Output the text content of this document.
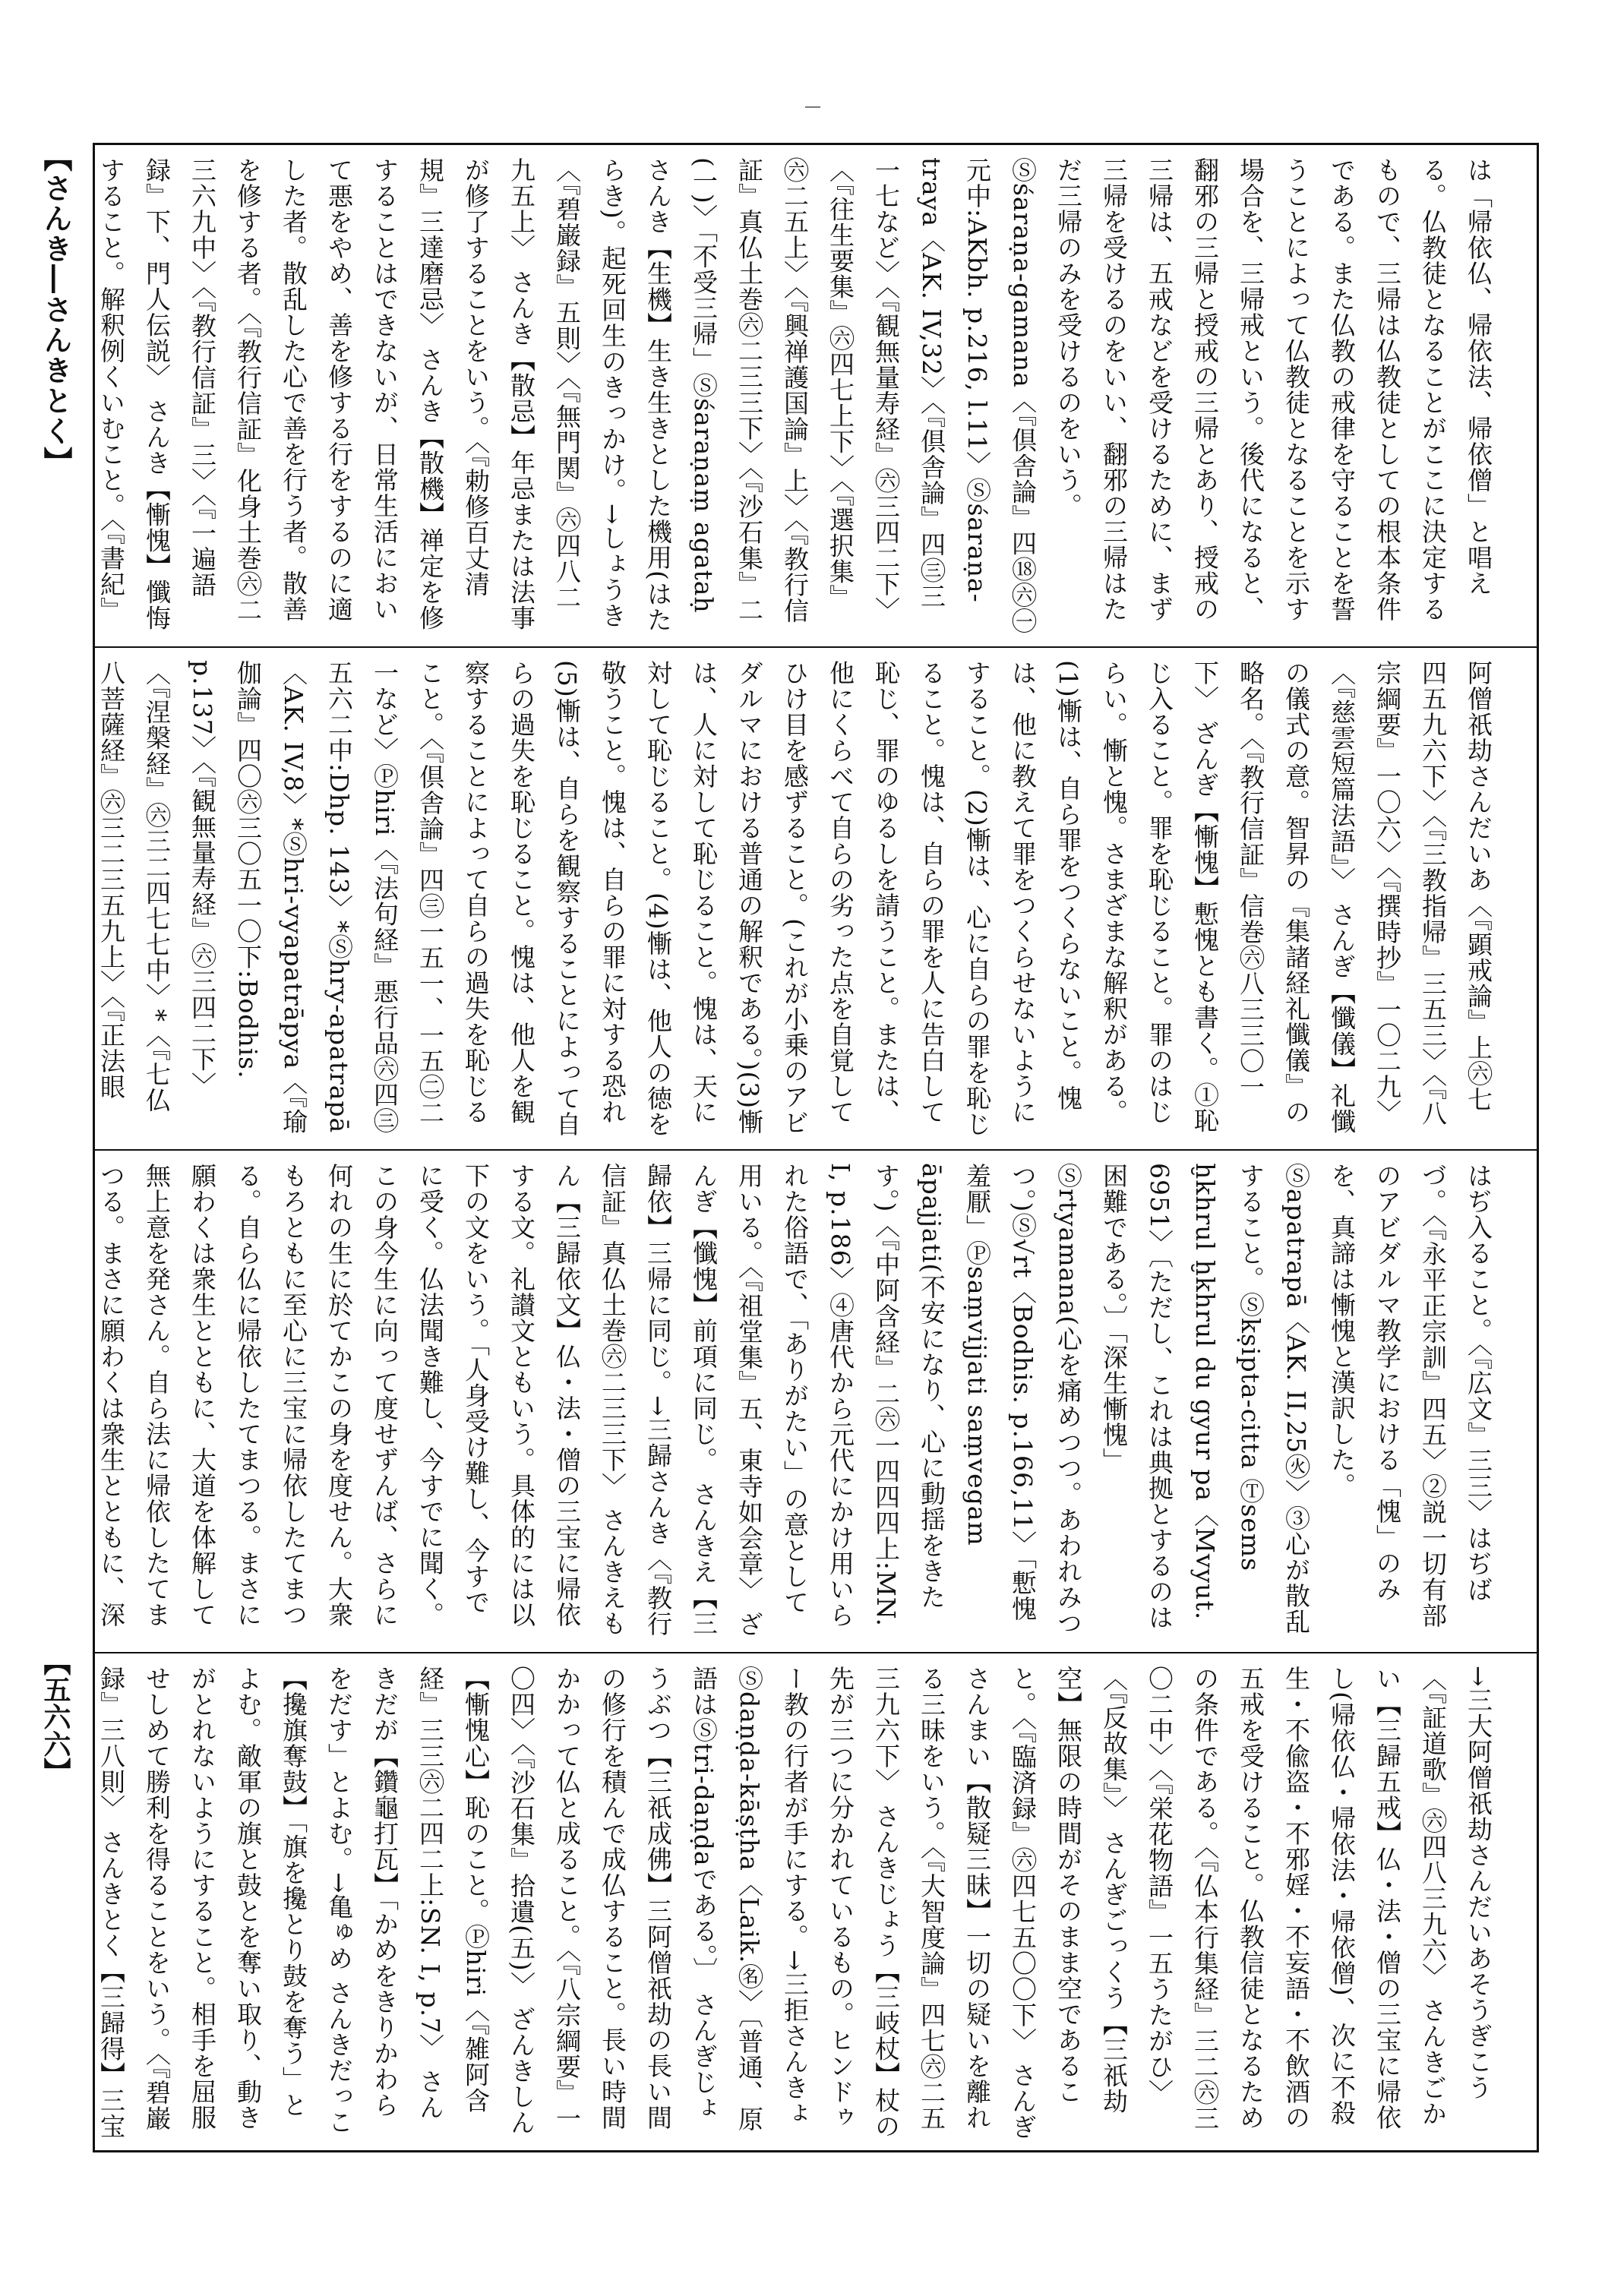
【さんき―さんきとく】
【五六六】

は「帰依仏、帰依法、帰依僧」と唱える。仏教徒となることがここに決定するもので、三帰は仏教徒としての根本条件である。また仏教の戒律を守ることを誓うことによって仏教徒となることを示す場合を、三帰戒という。後代になると、翻邪の三帰と授戒の三帰とあり、授戒の三帰は、五戒などを受けるために、まず三帰を受けるのをいい、翻邪の三帰はただ三帰のみを受けるのをいう。Ⓢśaraṇa-gamana〈『倶舎論』四⑱㊅㊀元中:AKbh. p.216, l.11〉Ⓢśaraṇa-traya〈AK. IV,32〉〈『倶舎論』四㊂三一七など〉〈『観無量寿経』㊅三四二下〉〈『往生要集』㊅四七上下〉〈『選択集』㊅二五上〉〈『興禅護国論』上〉〈『教行信証』真仏土巻㊅二三三下〉〈『沙石集』二(一)〉「不受三帰」Ⓢśaraṇaṃ agataḥ さんき【生機】生き生きとした機用(はたらき)。起死回生のきっかけ。→しょうき〈『碧巌録』五則〉〈『無門関』㊅四八二九五上〉 さんき【散忌】年忌または法事が修了することをいう。〈『勅修百丈清規』三達磨忌〉 さんき【散機】禅定を修することはできないが、日常生活において悪をやめ、善を修する行をするのに適した者。散乱した心で善を行う者。散善を修する者。〈『教行信証』化身土巻㊅二三六九中〉〈『教行信証』三〉〈『一遍語録』下、門人伝説〉 さんき【慚愧】懺悔すること。解釈例くいむこと。〈『書紀』

阿僧祇劫さんだいあ〈『顕戒論』上㊅七四五九六下〉〈『三教指帰』三五三〉〈『八宗綱要』一〇六〉〈『撰時抄』一〇二九〉〈『慈雲短篇法語』〉 さんぎ【懺儀】礼懺の儀式の意。智昇の『集諸経礼懺儀』の略名。〈『教行信証』信巻㊅八三三〇一下〉 ざんぎ【慚愧】慙愧とも書く。①恥じ入ること。罪を恥じること。罪のはじらい。慚と愧。さまざまな解釈がある。(1)慚は、自ら罪をつくらないこと。愧は、他に教えて罪をつくらせないようにすること。(2)慚は、心に自らの罪を恥じること。愧は、自らの罪を人に告白して恥じ、罪のゆるしを請うこと。または、他にくらべて自らの劣った点を自覚してひけ目を感ずること。(これが小乗のアビダルマにおける普通の解釈である。)(3)慚は、人に対して恥じること。愧は、天に対して恥じること。(4)慚は、他人の徳を敬うこと。愧は、自らの罪に対する恐れ(5)慚は、自らを観察することによって自らの過失を恥じること。愧は、他人を観察することによって自らの過失を恥じること。〈『倶舎論』四㊂一五一、一五㊁二一など〉Ⓟhiri〈『法句経』悪行品㊅四㊂五六二中:Dhp. 143〉*Ⓢhry-apatrapā〈AK. IV,8〉*Ⓢhri-vyapatrāpya〈『瑜伽論』四〇㊅三〇五一〇下:Bodhis. p.137〉〈『観無量寿経』㊅三四二下〉〈『涅槃経』㊅三二四七七中〉*〈『七仏八菩薩経』㊅三二三五九上〉〈『正法眼

はぢ入ること。〈『広文』三三〉はぢばづ。〈『永平正宗訓』四五〉②説一切有部のアビダルマ教学における「愧」のみを、真諦は慚愧と漢訳した。Ⓢapatrapā〈AK. II,25㊋〉③心が散乱すること。Ⓢkṣipta-citta Ⓣsems ḫkhrul ḫkhrul du gyur pa〈Mvyut. 6951〉〔ただし、これは典拠とするのは困難である。〕「深生慚愧」Ⓢrtyamana(心を痛めつつ。あわれみつつ。)Ⓢ√rt〈Bodhis. p.166,11〉「慙愧羞厭」Ⓟsaṃvijjati saṃvegam āpajjati(不安になり、心に動揺をきたす。)〈『中阿含経』二㊅一四四四上:MN. I, p.186〉④唐代から元代にかけ用いられた俗語で、「ありがたい」の意として用いる。〈『祖堂集』五、東寺如会章〉 ざんぎ【懺愧】前項に同じ。 さんきえ【三歸依】三帰に同じ。→三歸さんき〈『教行信証』真仏土巻㊅二三三下〉 さんきえもん【三歸依文】仏・法・僧の三宝に帰依する文。礼讃文ともいう。具体的には以下の文をいう。「人身受け難し、今すでに受く。仏法聞き難し、今すでに聞く。この身今生に向って度せずんば、さらに何れの生に於てかこの身を度せん。大衆もろともに至心に三宝に帰依したてまつる。自ら仏に帰依したてまつる。まさに願わくは衆生とともに、大道を体解して無上意を発さん。自ら法に帰依したてまつる。まさに願わくは衆生とともに、深

→三大阿僧祇劫さんだいあそうぎこう〈『証道歌』㊅四八三九六〉 さんきごかい【三歸五戒】仏・法・僧の三宝に帰依し(帰依仏・帰依法・帰依僧)、次に不殺生・不偸盗・不邪婬・不妄語・不飲酒の五戒を受けること。仏教信徒となるための条件である。〈『仏本行集経』三二㊅三〇二中〉〈『栄花物語』一五うたがひ〉〈『反故集』〉 さんぎごっくう【三祇劫空】無限の時間がそのまま空であること。〈『臨済録』㊅四七五〇〇下〉 さんぎさんまい【散疑三昧】一切の疑いを離れる三昧をいう。〈『大智度論』四七㊅二五三九六下〉 さんきじょう【三岐杖】杖の先が三つに分かれているもの。ヒンドゥー教の行者が手にする。→三拒さんきょ Ⓢdaṇḍa-kāṣṭha〈Laik.㊔〉〔普通、原語はⓈtri-daṇḍaである。〕 さんぎじょうぶつ【三祇成佛】三阿僧祇劫の長い間の修行を積んで成仏すること。長い時間かかって仏と成ること。〈『八宗綱要』一〇四〉〈『沙石集』拾遺(五)〉 ざんきしん【慚愧心】恥のこと。Ⓟhiri〈『雑阿含経』三三㊅二四二上:SN. I, p.7〉 さんきだが【鑽龜打瓦】「かめをきりかわらをだす」とよむ。→亀ゅめ さんきだっこ【攙旗奪鼓】「旗を攙とり鼓を奪う」とよむ。敵軍の旗と鼓とを奪い取り、動きがとれないようにすること。相手を屈服せしめて勝利を得ることをいう。〈『碧巌録』三八則〉 さんきとく【三歸得】三宝
